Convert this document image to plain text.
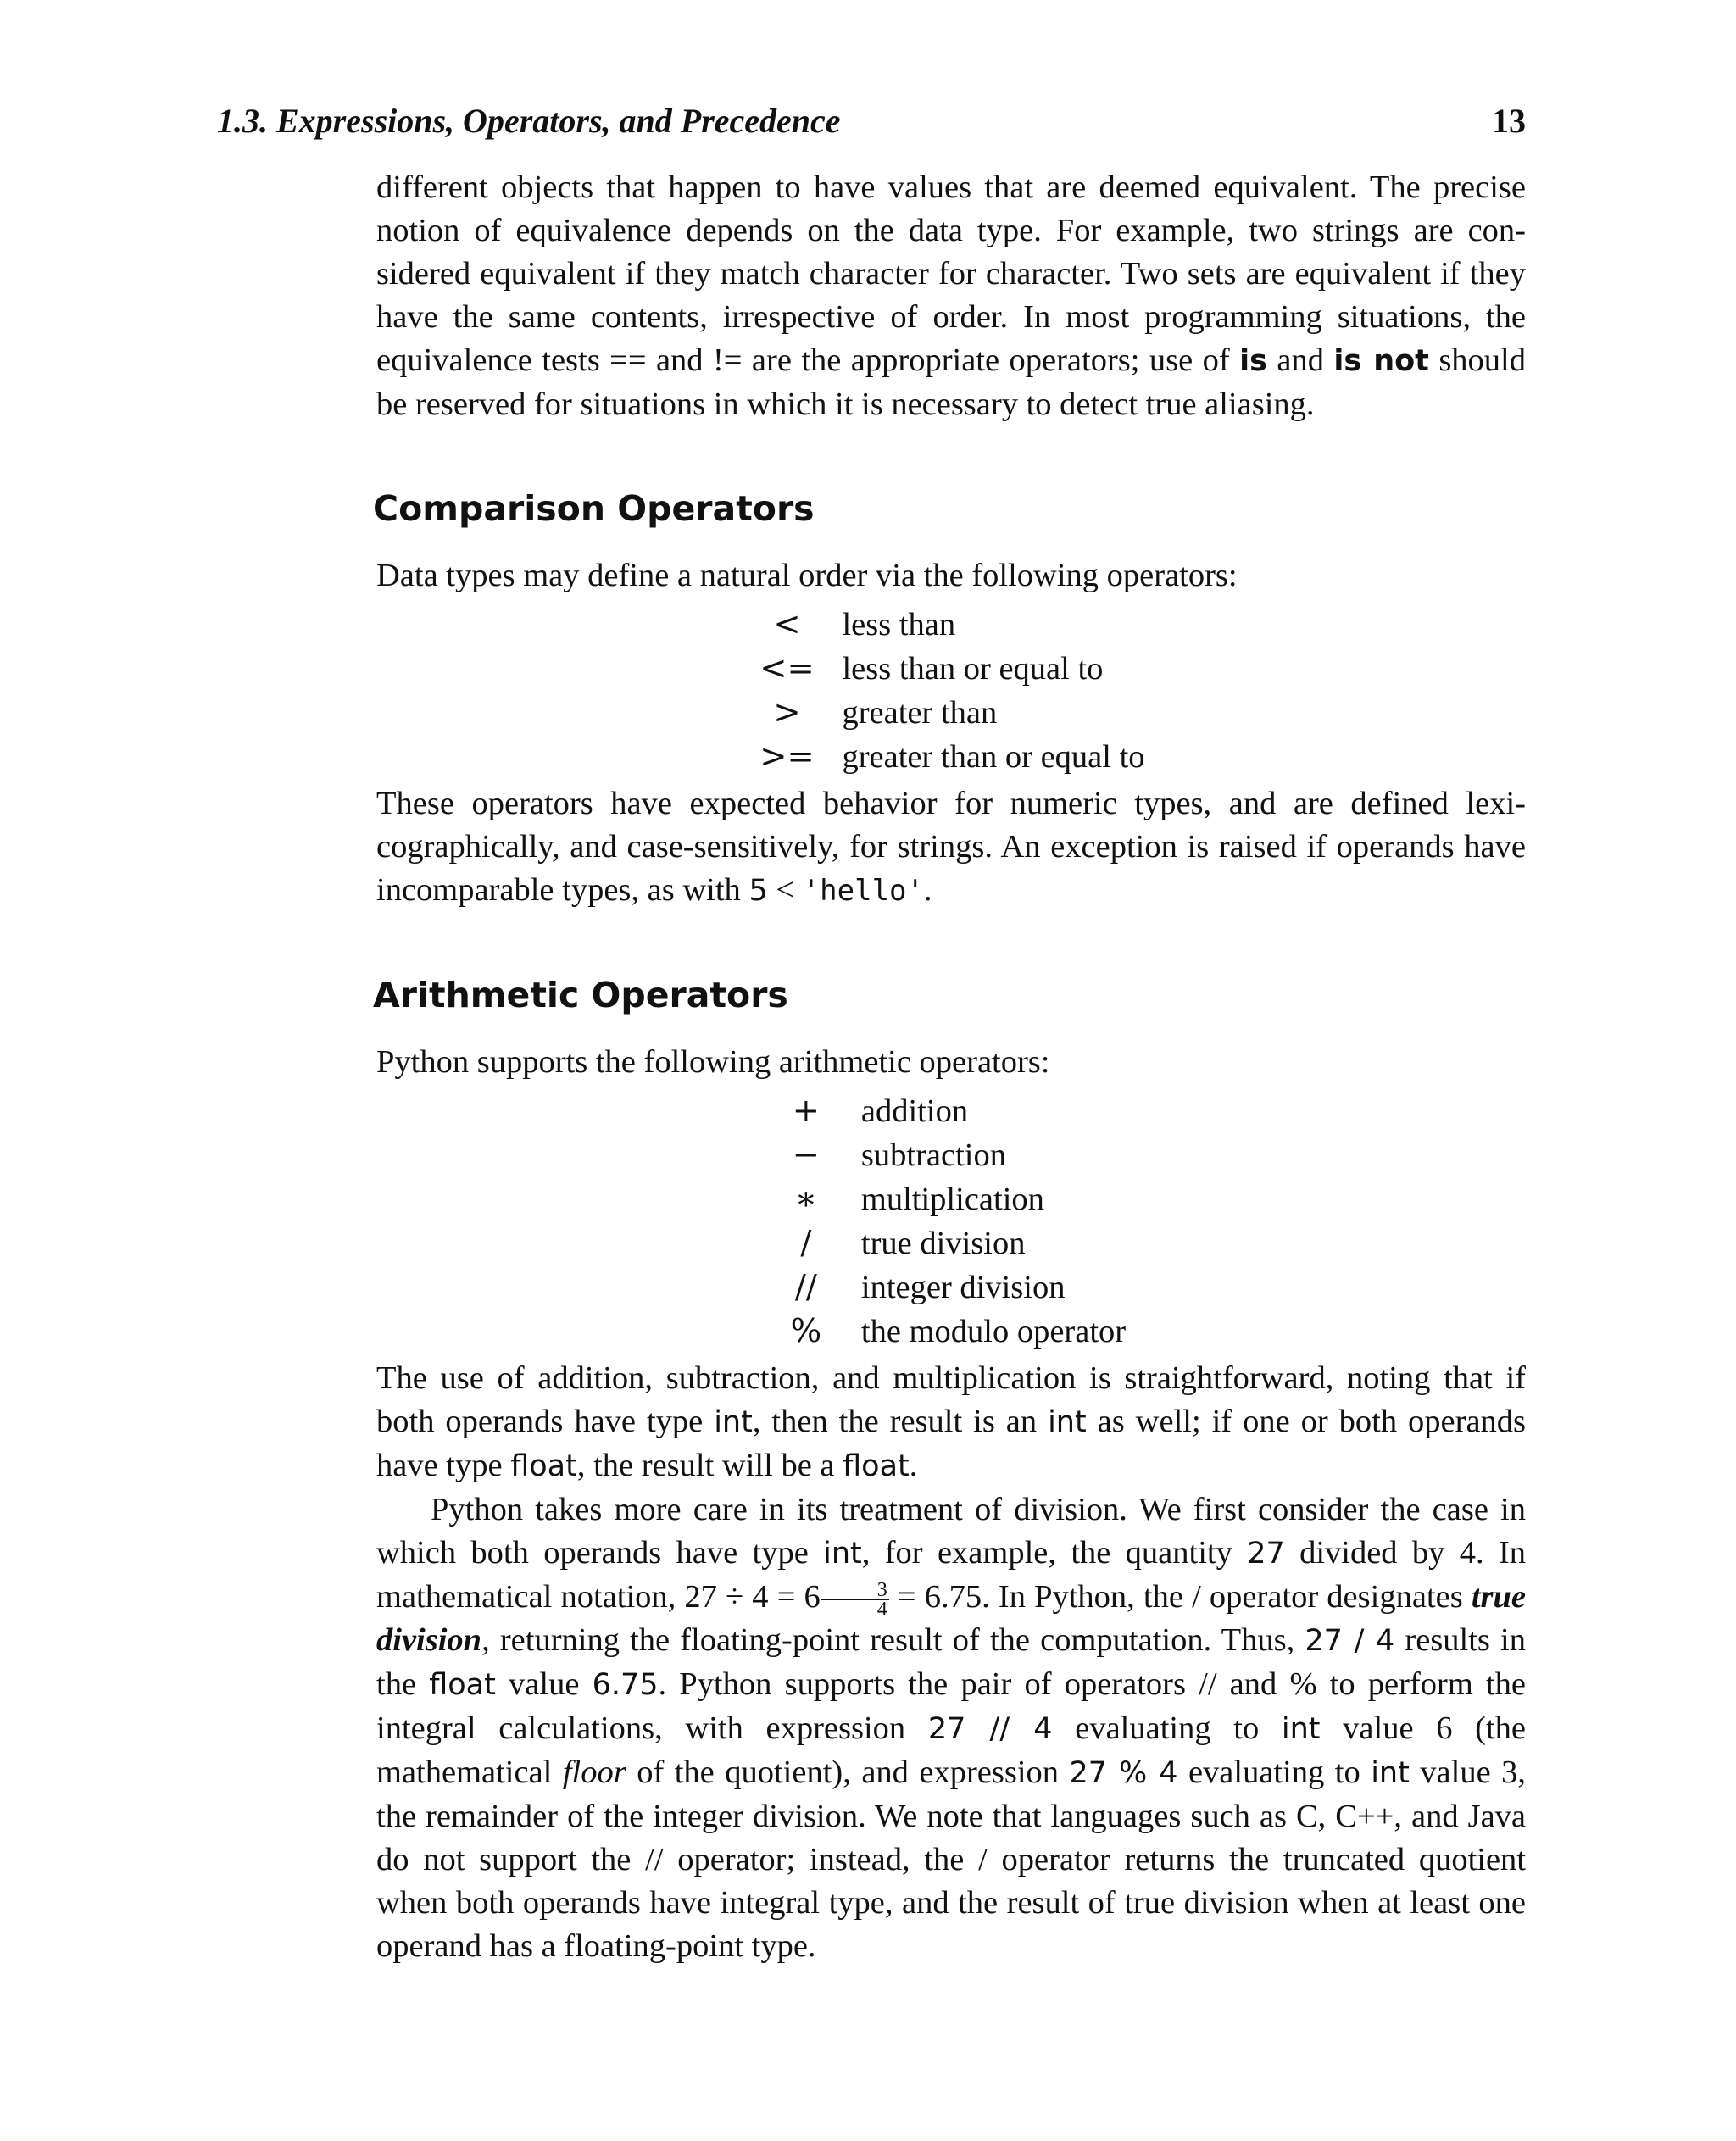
1.3. Expressions, Operators, and Precedence	13

different objects that happen to have values that are deemed equivalent. The precise notion of equivalence depends on the data type. For example, two strings are considered equivalent if they match character for character. Two sets are equivalent if they have the same contents, irrespective of order. In most programming situations, the equivalence tests == and != are the appropriate operators; use of is and is not should be reserved for situations in which it is necessary to detect true aliasing.

Comparison Operators

Data types may define a natural order via the following operators:

<	less than
<=	less than or equal to
>	greater than
>=	greater than or equal to

These operators have expected behavior for numeric types, and are defined lexicographically, and case-sensitively, for strings. An exception is raised if operands have incomparable types, as with 5 < 'hello'.

Arithmetic Operators

Python supports the following arithmetic operators:

+	addition
−	subtraction
∗	multiplication
/	true division
//	integer division
%	the modulo operator

The use of addition, subtraction, and multiplication is straightforward, noting that if both operands have type int, then the result is an int as well; if one or both operands have type float, the result will be a float.

Python takes more care in its treatment of division. We first consider the case in which both operands have type int, for example, the quantity 27 divided by 4. In mathematical notation, $27 \div 4 = 6 \frac{3}{4} = 6.75$. In Python, the / operator designates true division, returning the floating-point result of the computation. Thus, 27 / 4 results in the float value 6.75. Python supports the pair of operators // and % to perform the integral calculations, with expression 27 // 4 evaluating to int value 6 (the mathematical floor of the quotient), and expression 27 % 4 evaluating to int value 3, the remainder of the integer division. We note that languages such as C, C++, and Java do not support the // operator; instead, the / operator returns the truncated quotient when both operands have integral type, and the result of true division when at least one operand has a floating-point type.
